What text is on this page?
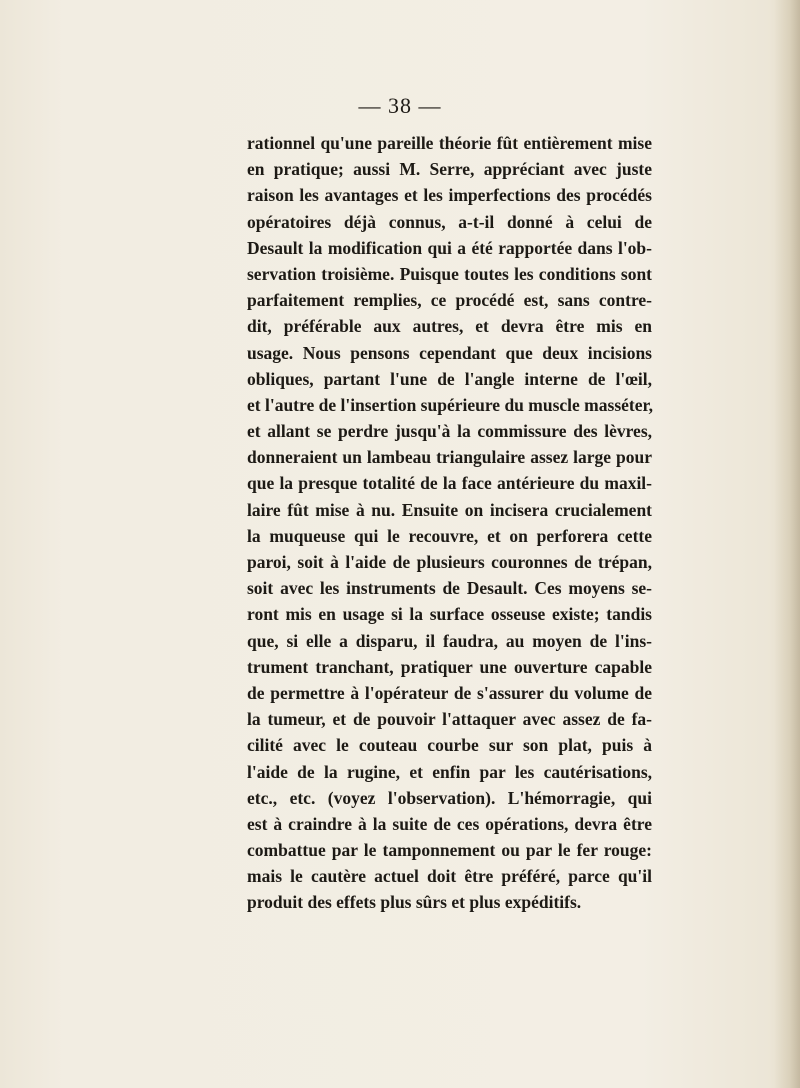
— 38 —
rationnel qu'une pareille théorie fût entièrement mise
en pratique; aussi M. Serre, appréciant avec juste
raison les avantages et les imperfections des procédés
opératoires déjà connus, a-t-il donné à celui de
Desault la modification qui a été rapportée dans l'ob-
servation troisième. Puisque toutes les conditions sont
parfaitement remplies, ce procédé est, sans contre-
dit, préférable aux autres, et devra être mis en
usage. Nous pensons cependant que deux incisions
obliques, partant l'une de l'angle interne de l'œil,
et l'autre de l'insertion supérieure du muscle masséter,
et allant se perdre jusqu'à la commissure des lèvres,
donneraient un lambeau triangulaire assez large pour
que la presque totalité de la face antérieure du maxil-
laire fût mise à nu. Ensuite on incisera crucialement
la muqueuse qui le recouvre, et on perforera cette
paroi, soit à l'aide de plusieurs couronnes de trépan,
soit avec les instruments de Desault. Ces moyens se-
ront mis en usage si la surface osseuse existe; tandis
que, si elle a disparu, il faudra, au moyen de l'ins-
trument tranchant, pratiquer une ouverture capable
de permettre à l'opérateur de s'assurer du volume de
la tumeur, et de pouvoir l'attaquer avec assez de fa-
cilité avec le couteau courbe sur son plat, puis à
l'aide de la rugine, et enfin par les cautérisations,
etc., etc. (voyez l'observation). L'hémorragie, qui
est à craindre à la suite de ces opérations, devra être
combattue par le tamponnement ou par le fer rouge:
mais le cautère actuel doit être préféré, parce qu'il
produit des effets plus sûrs et plus expéditifs.
